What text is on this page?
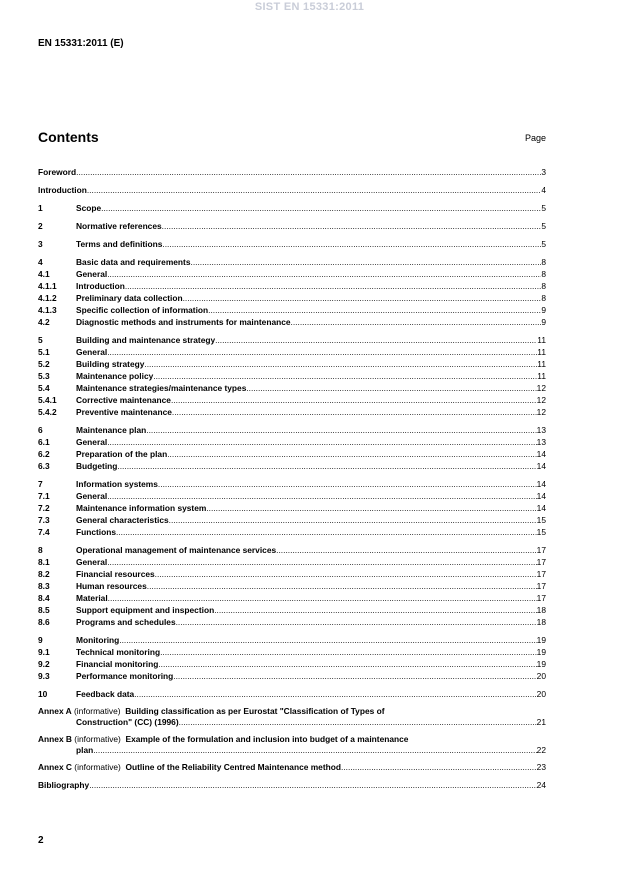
SIST EN 15331:2011
EN 15331:2011 (E)
Contents	Page
Foreword .....	3
Introduction .....	4
1	Scope .....	5
2	Normative references .....	5
3	Terms and definitions .....	5
4	Basic data and requirements .....	8
4.1	General .....	8
4.1.1	Introduction .....	8
4.1.2	Preliminary data collection .....	8
4.1.3	Specific collection of information .....	9
4.2	Diagnostic methods and instruments for maintenance .....	9
5	Building and maintenance strategy .....	11
5.1	General .....	11
5.2	Building strategy .....	11
5.3	Maintenance policy .....	11
5.4	Maintenance strategies/maintenance types .....	12
5.4.1	Corrective maintenance .....	12
5.4.2	Preventive maintenance .....	12
6	Maintenance plan .....	13
6.1	General .....	13
6.2	Preparation of the plan .....	14
6.3	Budgeting .....	14
7	Information systems .....	14
7.1	General .....	14
7.2	Maintenance information system .....	14
7.3	General characteristics .....	15
7.4	Functions .....	15
8	Operational management of maintenance services .....	17
8.1	General .....	17
8.2	Financial resources .....	17
8.3	Human resources .....	17
8.4	Material .....	17
8.5	Support equipment and inspection .....	18
8.6	Programs and schedules .....	18
9	Monitoring .....	19
9.1	Technical monitoring .....	19
9.2	Financial monitoring .....	19
9.3	Performance monitoring .....	20
10	Feedback data .....	20
Annex A (informative) Building classification as per Eurostat "Classification of Types of
Construction" (CC) (1996) .....	21
Annex B (informative) Example of the formulation and inclusion into budget of a maintenance
plan .....	22
Annex C (informative) Outline of the Reliability Centred Maintenance method .....	23
Bibliography .....	24
2
